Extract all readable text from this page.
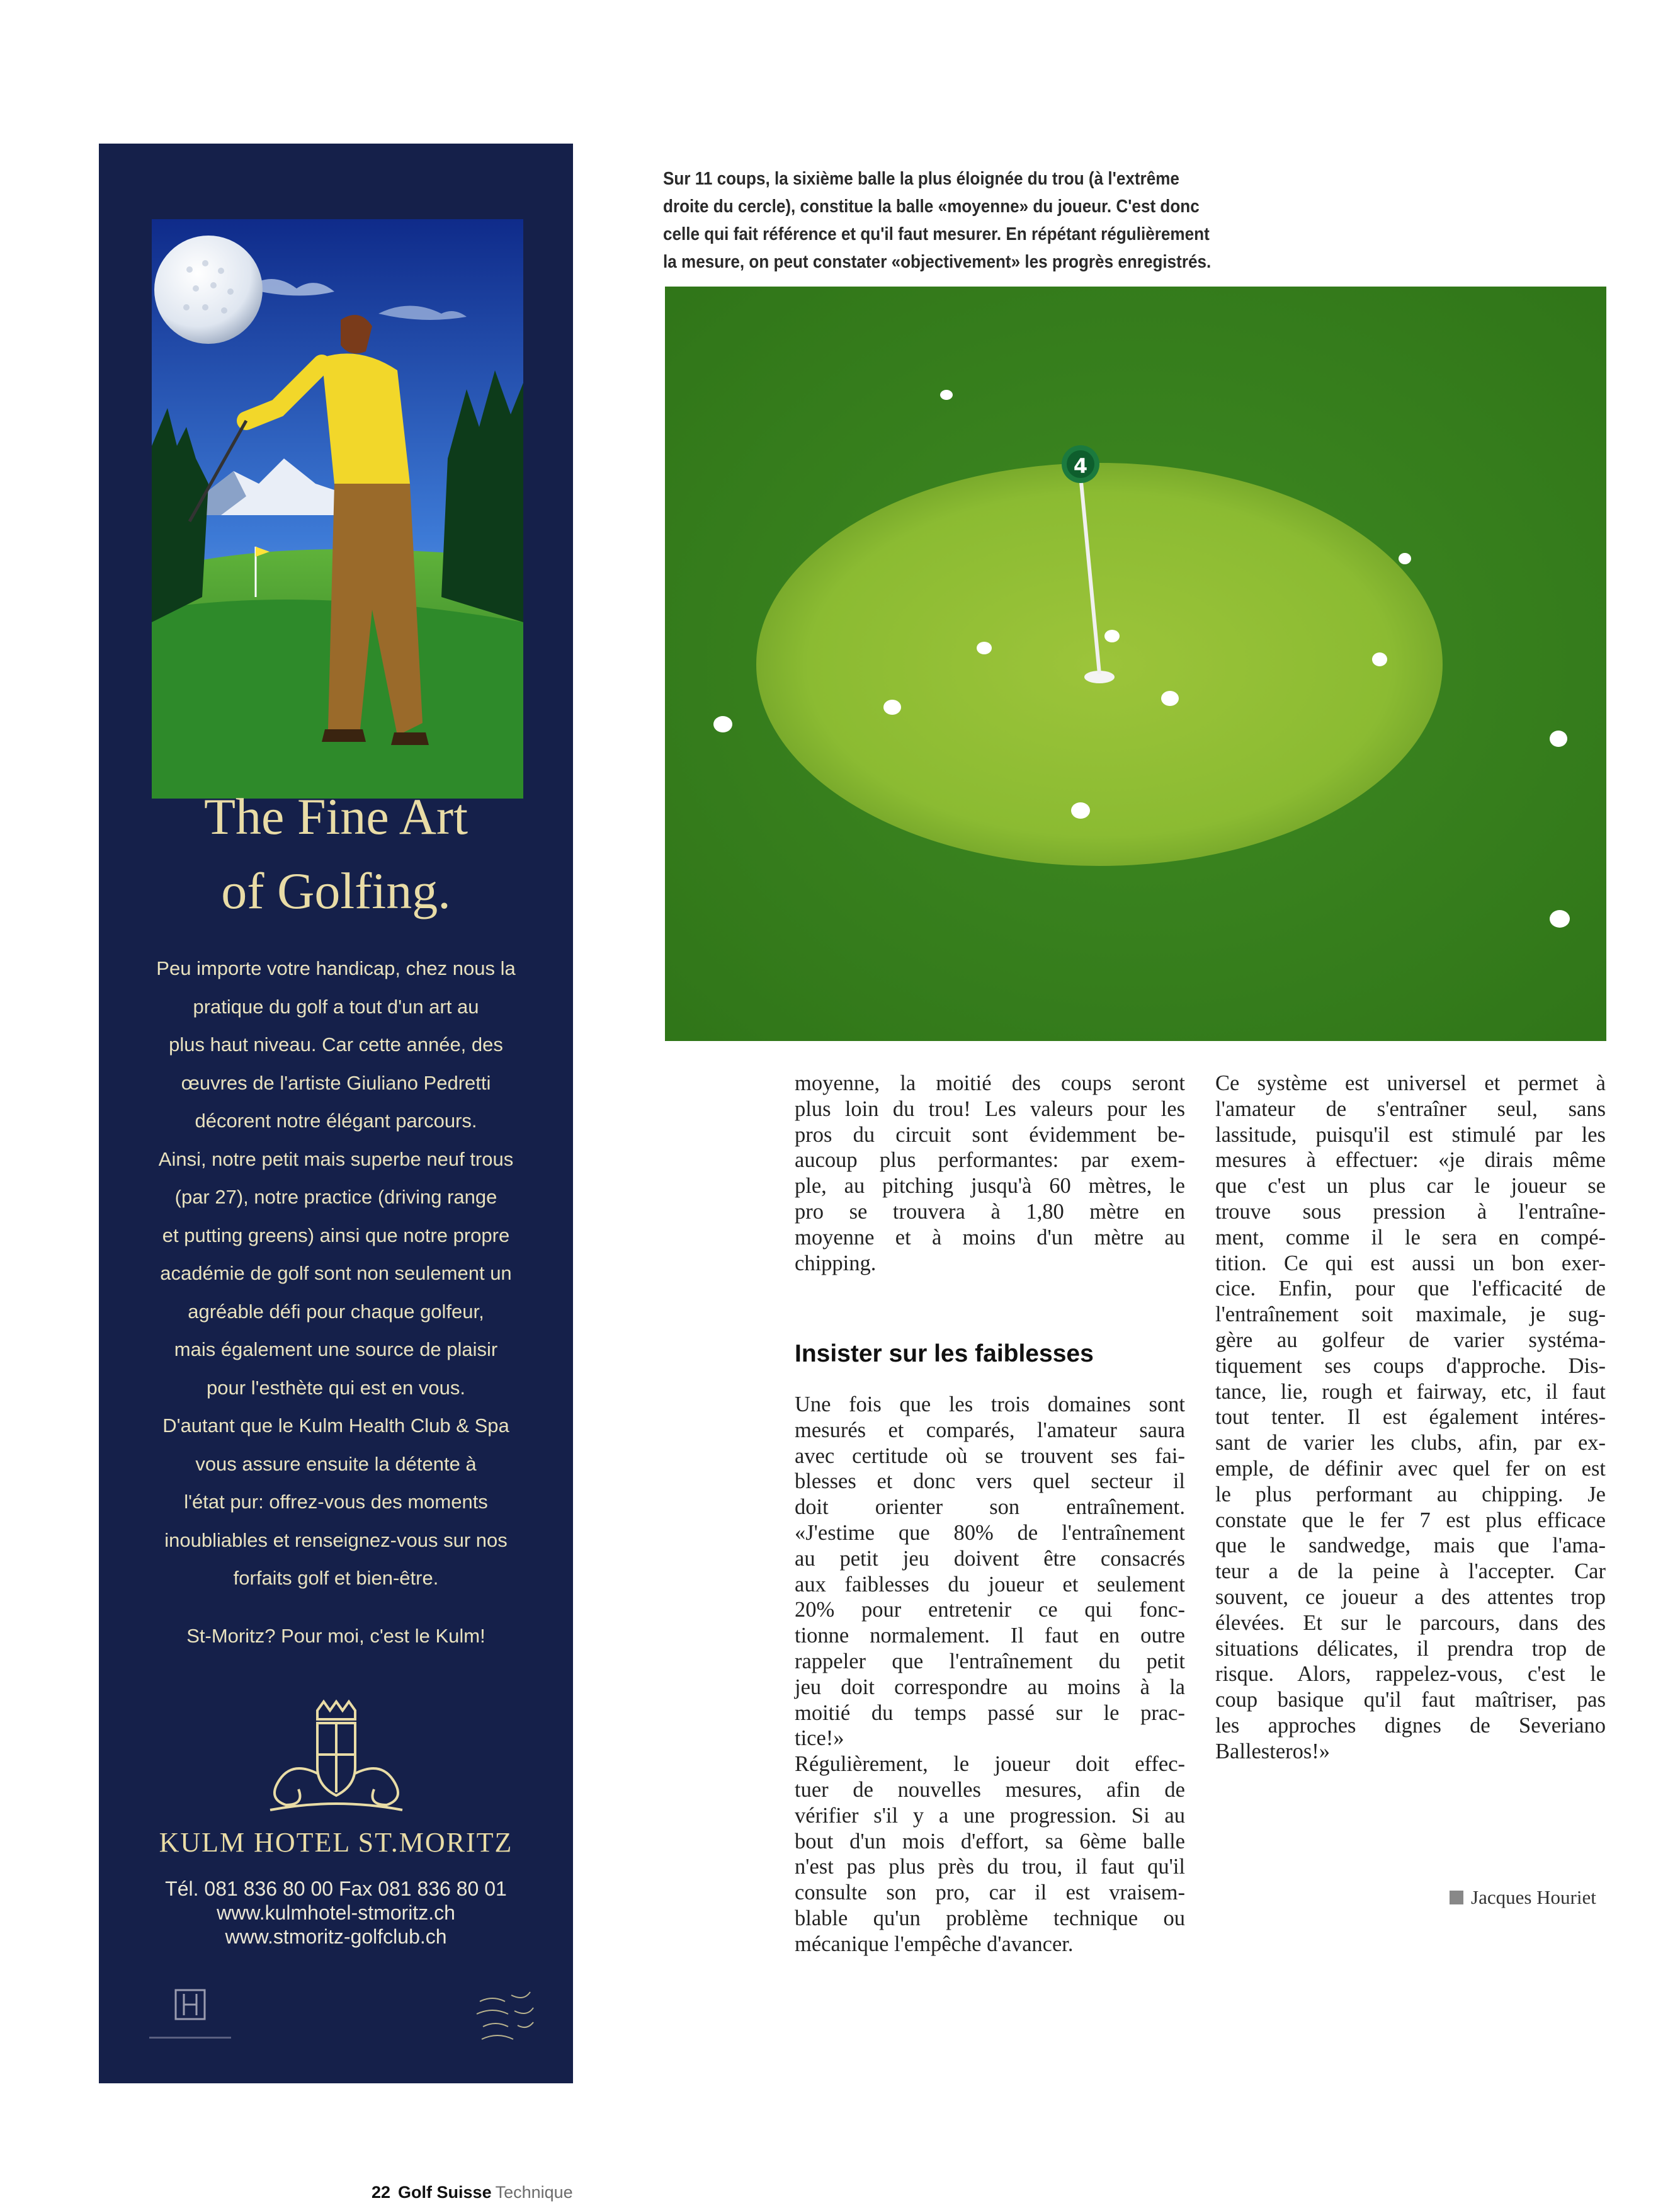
The Fine Art
of Golfing.
Peu importe votre handicap, chez nous la
pratique du golf a tout d'un art au
plus haut niveau. Car cette année, des
œuvres de l'artiste Giuliano Pedretti
décorent notre élégant parcours.
Ainsi, notre petit mais superbe neuf trous
(par 27), notre practice (driving range
et putting greens) ainsi que notre propre
académie de golf sont non seulement un
agréable défi pour chaque golfeur,
mais également une source de plaisir
pour l'esthète qui est en vous.
D'autant que le Kulm Health Club & Spa
vous assure ensuite la détente à
l'état pur: offrez-vous des moments
inoubliables et renseignez-vous sur nos
forfaits golf et bien-être.
St-Moritz? Pour moi, c'est le Kulm!
KULM HOTEL ST.MORITZ
Tél. 081 836 80 00 Fax 081 836 80 01
www.kulmhotel-stmoritz.ch
www.stmoritz-golfclub.ch
Sur 11 coups, la sixième balle la plus éloignée du trou (à l'extrême
droite du cercle), constitue la balle «moyenne» du joueur. C'est donc
celle qui fait référence et qu'il faut mesurer. En répétant régulièrement
la mesure, on peut constater «objectivement» les progrès enregistrés.
4
moyenne, la moitié des coups seront
plus loin du trou! Les valeurs pour les
pros du circuit sont évidemment be-
aucoup plus performantes: par exem-
ple, au pitching jusqu'à 60 mètres, le
pro se trouvera à 1,80 mètre en
moyenne et à moins d'un mètre au
chipping.
Insister sur les faiblesses
Une fois que les trois domaines sont
mesurés et comparés, l'amateur saura
avec certitude où se trouvent ses fai-
blesses et donc vers quel secteur il
doit orienter son entraînement.
«J'estime que 80% de l'entraînement
au petit jeu doivent être consacrés
aux faiblesses du joueur et seulement
20% pour entretenir ce qui fonc-
tionne normalement. Il faut en outre
rappeler que l'entraînement du petit
jeu doit correspondre au moins à la
moitié du temps passé sur le prac-
tice!»
Régulièrement, le joueur doit effec-
tuer de nouvelles mesures, afin de
vérifier s'il y a une progression. Si au
bout d'un mois d'effort, sa 6ème balle
n'est pas plus près du trou, il faut qu'il
consulte son pro, car il est vraisem-
blable qu'un problème technique ou
mécanique l'empêche d'avancer.
Ce système est universel et permet à
l'amateur de s'entraîner seul, sans
lassitude, puisqu'il est stimulé par les
mesures à effectuer: «je dirais même
que c'est un plus car le joueur se
trouve sous pression à l'entraîne-
ment, comme il le sera en compé-
tition. Ce qui est aussi un bon exer-
cice. Enfin, pour que l'efficacité de
l'entraînement soit maximale, je sug-
gère au golfeur de varier systéma-
tiquement ses coups d'approche. Dis-
tance, lie, rough et fairway, etc, il faut
tout tenter. Il est également intéres-
sant de varier les clubs, afin, par ex-
emple, de définir avec quel fer on est
le plus performant au chipping. Je
constate que le fer 7 est plus efficace
que le sandwedge, mais que l'ama-
teur a de la peine à l'accepter. Car
souvent, ce joueur a des attentes trop
élevées. Et sur le parcours, dans des
situations délicates, il prendra trop de
risque. Alors, rappelez-vous, c'est le
coup basique qu'il faut maîtriser, pas
les approches dignes de Severiano
Ballesteros!»
Jacques Houriet
22 Golf Suisse Technique
